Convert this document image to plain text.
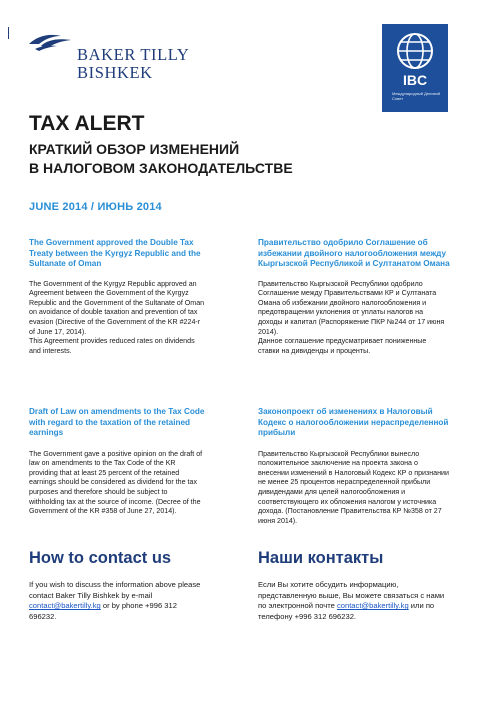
BAKER TILLY
BISHKEK	IBC
Международный Деловой Совет
TAX ALERT
КРАТКИЙ ОБЗОР ИЗМЕНЕНИЙ
В НАЛОГОВОМ ЗАКОНОДАТЕЛЬСТВЕ
JUNE 2014 / ИЮНЬ 2014
The Government approved the Double Tax
Treaty between the Kyrgyz Republic and the
Sultanate of Oman
The Government of the Kyrgyz Republic approved an
Agreement between the Government of the Kyrgyz
Republic and the Government of the Sultanate of Oman
on avoidance of double taxation and prevention of tax
evasion (Directive of the Government of the KR #224-r
of June 17, 2014).
This Agreement provides reduced rates on dividends
and interests.
Правительство одобрило Соглашение об
избежании двойного налогообложения между
Кыргызской Республикой и Султанатом Омана
Правительство Кыргызской Республики одобрило
Соглашение между Правительствами КР и Султаната
Омана об избежании двойного налогообложения и
предотвращении уклонения от уплаты налогов на
доходы и капитал (Распоряжение ПКР №244 от 17 июня
2014).
Данное соглашение предусматривает пониженные
ставки на дивиденды и проценты.
Draft of Law on amendments to the Tax Code
with regard to the taxation of the retained
earnings
The Government gave a positive opinion on the draft of
law on amendments to the Tax Code of the KR
providing that at least 25 percent of the retained
earnings should be considered as dividend for the tax
purposes and therefore should be subject to
withholding tax at the source of income. (Decree of the
Government of the KR #358 of June 27, 2014).
Законопроект об изменениях в Налоговый
Кодекс о налогообложении нераспределенной
прибыли
Правительство Кыргызской Республики вынесло
положительное заключение на проекта закона о
внесении изменений в Налоговый Кодекс КР о признании
не менее 25 процентов нераспределенной прибыли
дивидендами для целей налогообложения и
соответствующего их обложения налогом у источника
дохода. (Постановление Правительства КР №358 от 27
июня 2014).
How to contact us
If you wish to discuss the information above please
contact Baker Tilly Bishkek by e-mail
contact@bakertilly.kg or by phone +996 312
696232.
Наши контакты
Если Вы хотите обсудить информацию,
представленную выше, Вы можете связаться с нами
по электронной почте contact@bakertilly.kg или по
телефону +996 312 696232.
